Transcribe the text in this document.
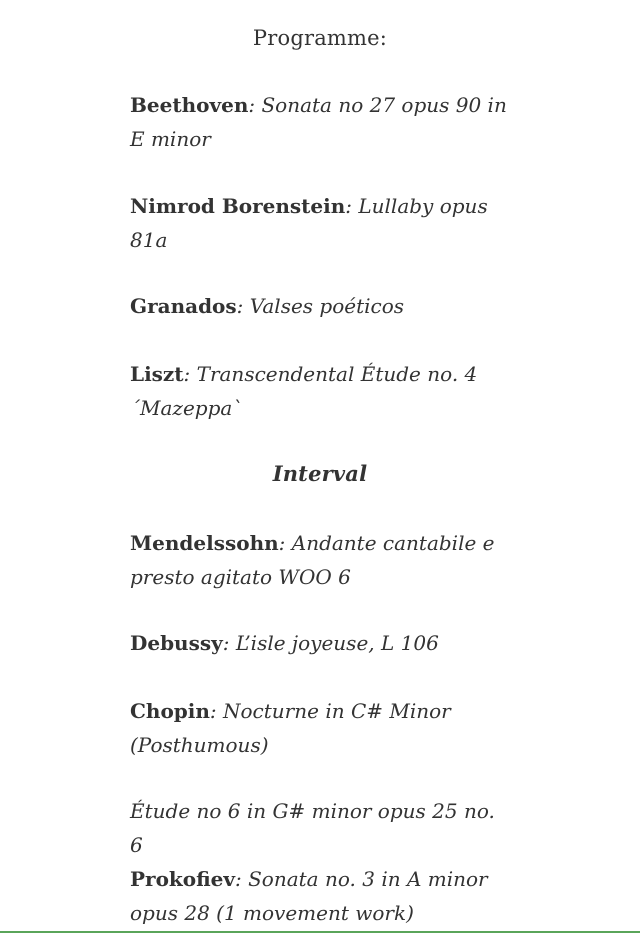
Programme:
Beethoven: Sonata no 27 opus 90 in E minor
Nimrod Borenstein: Lullaby opus 81a
Granados: Valses poéticos
Liszt: Transcendental Étude no. 4 ´Mazeppa`
Interval
Mendelssohn: Andante cantabile e presto agitato WOO 6
Debussy: L’isle joyeuse, L 106
Chopin: Nocturne in C# Minor (Posthumous)
Étude no 6 in G# minor opus 25 no. 6
Prokofiev: Sonata no. 3 in A minor opus 28 (1 movement work)
